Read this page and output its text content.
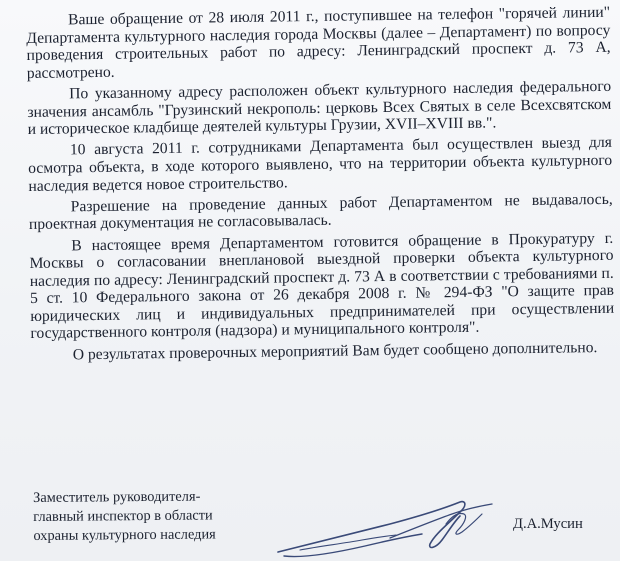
Ваше обращение от 28 июля 2011 г., поступившее на телефон "горячей линии" Департамента культурного наследия города Москвы (далее – Департамент) по вопросу проведения строительных работ по адресу: Ленинградский проспект д. 73 А, рассмотрено.

По указанному адресу расположен объект культурного наследия федерального значения ансамбль "Грузинский некрополь: церковь Всех Святых в селе Всехсвятском и историческое кладбище деятелей культуры Грузии, XVII–XVIII вв.".

10 августа 2011 г. сотрудниками Департамента был осуществлен выезд для осмотра объекта, в ходе которого выявлено, что на территории объекта культурного наследия ведется новое строительство.

Разрешение на проведение данных работ Департаментом не выдавалось, проектная документация не согласовывалась.

В настоящее время Департаментом готовится обращение в Прокуратуру г. Москвы о согласовании внеплановой выездной проверки объекта культурного наследия по адресу: Ленинградский проспект д. 73 А в соответствии с требованиями п. 5 ст. 10 Федерального закона от 26 декабря 2008 г. № 294-ФЗ "О защите прав юридических лиц и индивидуальных предпринимателей при осуществлении государственного контроля (надзора) и муниципального контроля".

О результатах проверочных мероприятий Вам будет сообщено дополнительно.

Заместитель руководителя-
главный инспектор в области
охраны культурного наследия
Д.А.Мусин
